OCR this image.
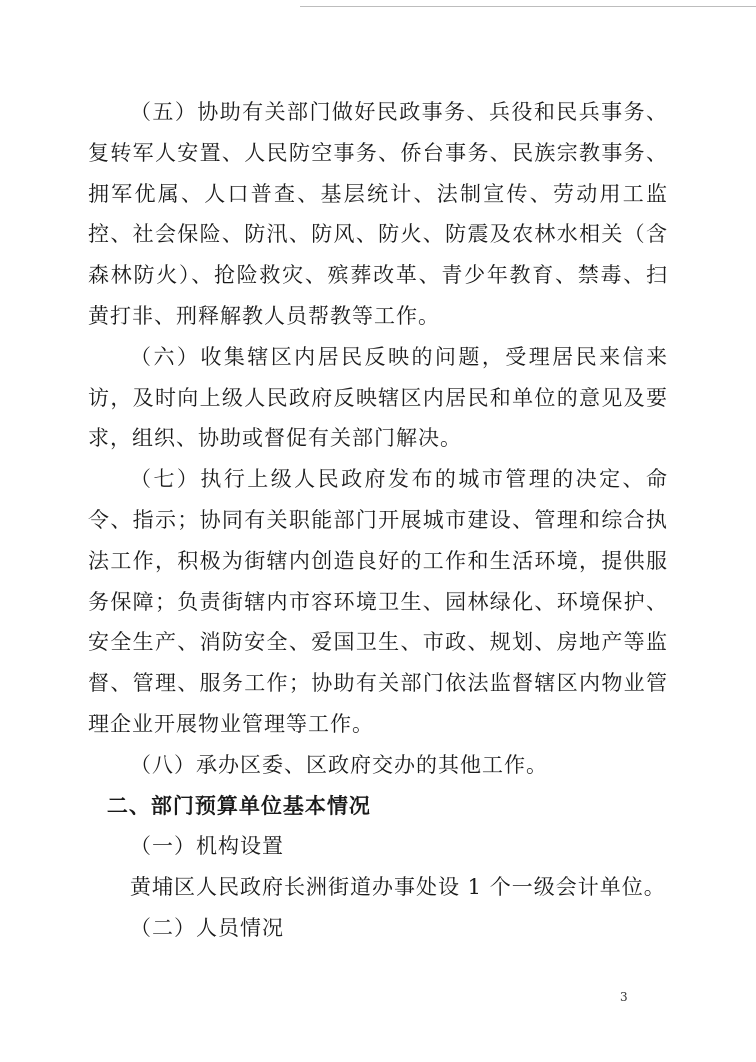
（五）协助有关部门做好民政事务、兵役和民兵事务、复转军人安置、人民防空事务、侨台事务、民族宗教事务、拥军优属、人口普查、基层统计、法制宣传、劳动用工监控、社会保险、防汛、防风、防火、防震及农林水相关（含森林防火）、抢险救灾、殡葬改革、青少年教育、禁毒、扫黄打非、刑释解教人员帮教等工作。

（六）收集辖区内居民反映的问题，受理居民来信来访，及时向上级人民政府反映辖区内居民和单位的意见及要求，组织、协助或督促有关部门解决。

（七）执行上级人民政府发布的城市管理的决定、命令、指示；协同有关职能部门开展城市建设、管理和综合执法工作，积极为街辖内创造良好的工作和生活环境，提供服务保障；负责街辖内市容环境卫生、园林绿化、环境保护、安全生产、消防安全、爱国卫生、市政、规划、房地产等监督、管理、服务工作；协助有关部门依法监督辖区内物业管理企业开展物业管理等工作。

（八）承办区委、区政府交办的其他工作。

二、部门预算单位基本情况

（一）机构设置

黄埔区人民政府长洲街道办事处设 1 个一级会计单位。

（二）人员情况

3
